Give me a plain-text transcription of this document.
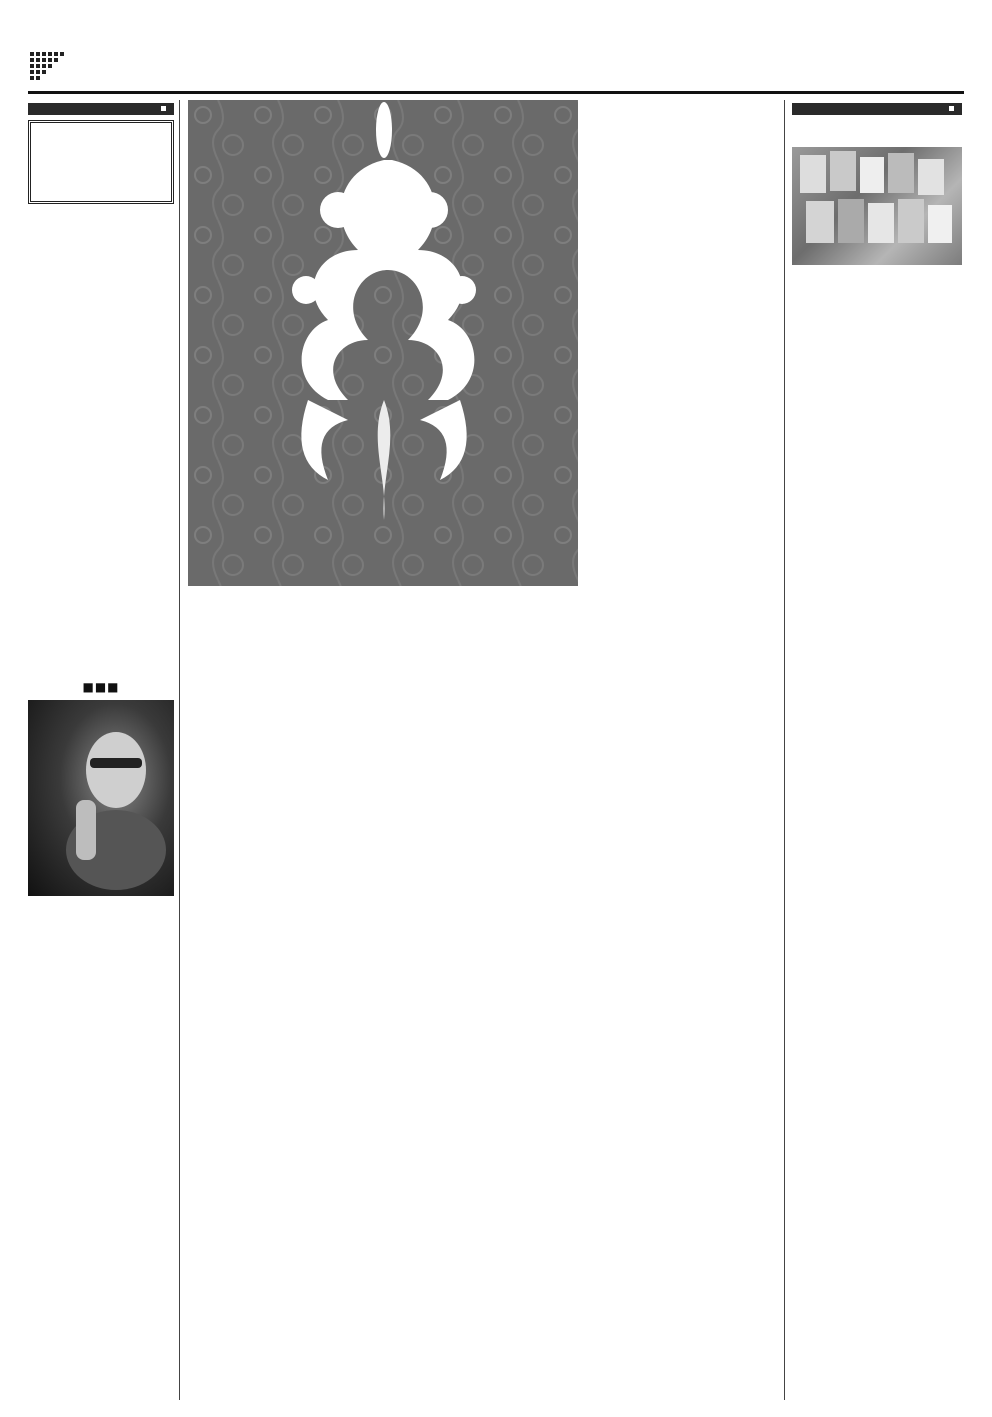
■■■
